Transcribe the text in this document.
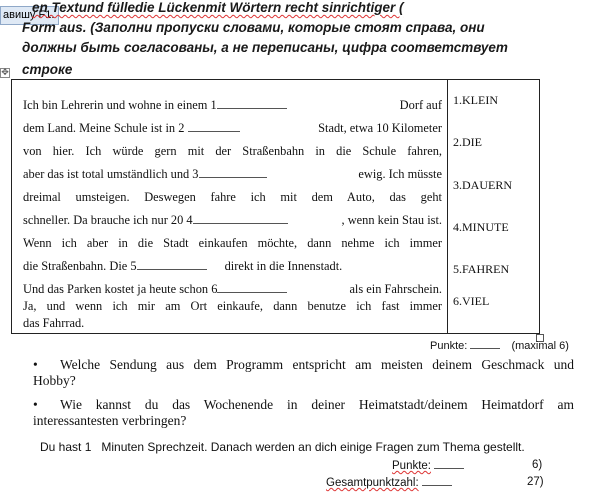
авишу F1.
en Textund fülledie Lückenmit Wörtern recht sinrichtiger (
Form aus. (Заполни пропуски словами, которые стоят справа, они
должны быть согласованы, а не переписаны, цифра соответствует
строке
✥
Ich bin Lehrerin und wohne in einem 1	Dorf auf
dem Land. Meine Schule ist in 2	Stadt, etwa 10 Kilometer
von hier. Ich würde gern mit der Straßenbahn in die Schule fahren,
aber das ist total umständlich und 3	ewig. Ich müsste
dreimal umsteigen. Deswegen fahre ich mit dem Auto, das geht
schneller. Da brauche ich nur 20 4	, wenn kein Stau ist.
Wenn ich aber in die Stadt einkaufen möchte, dann nehme ich immer
die Straßenbahn. Die 5	direkt in die Innenstadt.
Und das Parken kostet ja heute schon 6	als ein Fahrschein.
Ja, und wenn ich mir am Ort einkaufe, dann benutze ich fast immer
das Fahrrad.
1.KLEIN
2.DIE
3.DAUERN
4.MINUTE
5.FAHREN
6.VIEL
Punkte:	(maximal 6)
• Welche Sendung aus dem Programm entspricht am meisten deinem Geschmack und
Hobby?
• Wie kannst du das Wochenende in deiner Heimatstadt/deinem Heimatdorf am
interessantesten verbringen?
Du hast 1 Minuten Sprechzeit. Danach werden an dich einige Fragen zum Thema gestellt.
Punkte:	6)
Gesamtpunktzahl:	27)
